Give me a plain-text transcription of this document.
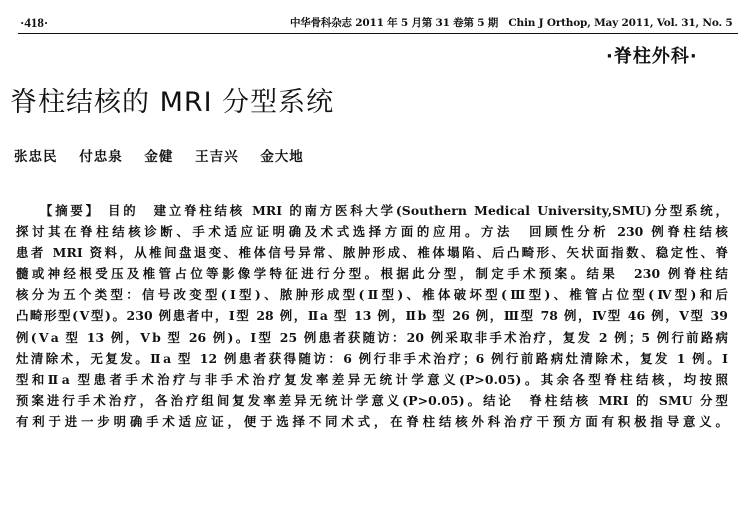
·418·	中华骨科杂志 2011 年 5 月第 31 卷第 5 期　Chin J Orthop, May 2011, Vol. 31, No. 5
·脊柱外科·
脊柱结核的 MRI 分型系统
张忠民 付忠泉 金健 王吉兴 金大地
【摘要】 目的　建立脊柱结核 MRI 的南方医科大学(Southern Medical University,SMU)分型系统，
探讨其在脊柱结核诊断、手术适应证明确及术式选择方面的应用。方法　回顾性分析 230 例脊柱结核
患者 MRI 资料，从椎间盘退变、椎体信号异常、脓肿形成、椎体塌陷、后凸畸形、矢状面指数、稳定性、脊
髓或神经根受压及椎管占位等影像学特征进行分型。根据此分型，制定手术预案。结果　230 例脊柱结
核分为五个类型：信号改变型(Ⅰ型)、脓肿形成型(Ⅱ型)、椎体破坏型(Ⅲ型)、椎管占位型(Ⅳ型)和后
凸畸形型(Ⅴ型)。230 例患者中，Ⅰ型 28 例，Ⅱa 型 13 例，Ⅱb 型 26 例，Ⅲ型 78 例，Ⅳ型 46 例，Ⅴ型 39
例(Ⅴa 型 13 例，Ⅴb 型 26 例)。Ⅰ型 25 例患者获随访：20 例采取非手术治疗，复发 2 例；5 例行前路病
灶清除术，无复发。Ⅱa 型 12 例患者获得随访：6 例行非手术治疗；6 例行前路病灶清除术，复发 1 例。Ⅰ
型和Ⅱa 型患者手术治疗与非手术治疗复发率差异无统计学意义(P>0.05)。其余各型脊柱结核，均按照
预案进行手术治疗，各治疗组间复发率差异无统计学意义(P>0.05)。结论　脊柱结核 MRI 的 SMU 分型
有利于进一步明确手术适应证，便于选择不同术式，在脊柱结核外科治疗干预方面有积极指导意义。
